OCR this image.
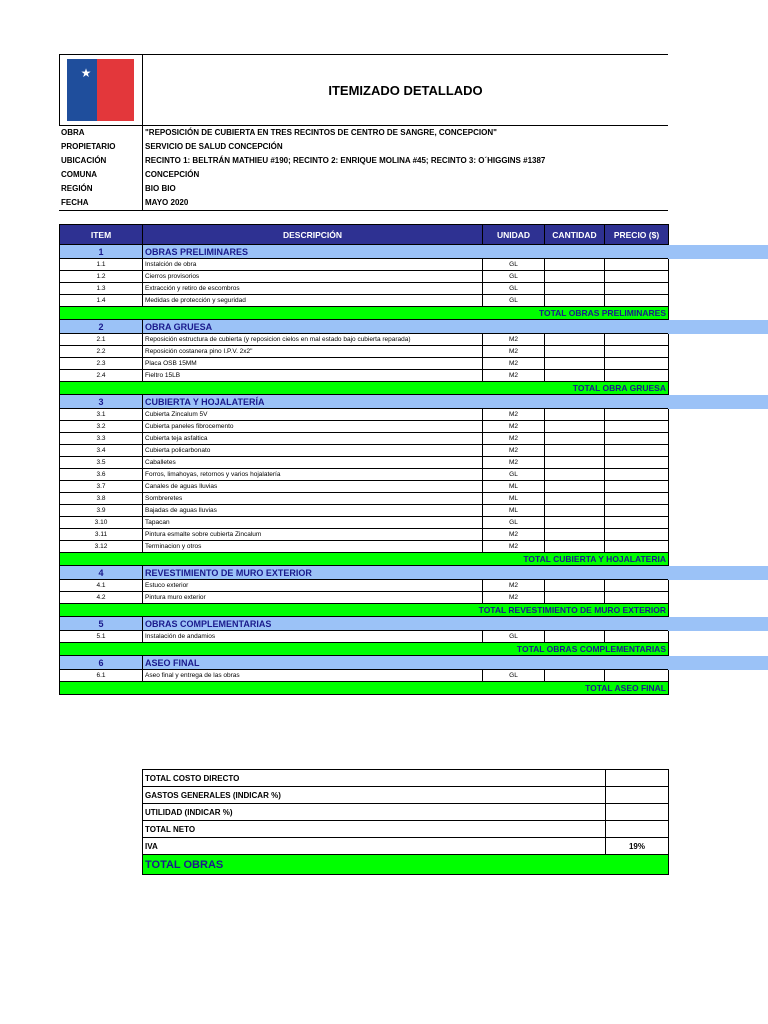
★	Gobierno
de Chile
ITEMIZADO DETALLADO
OBRA	"REPOSICIÓN DE CUBIERTA EN TRES RECINTOS DE CENTRO DE SANGRE, CONCEPCION"
PROPIETARIO	SERVICIO DE SALUD CONCEPCIÓN
UBICACIÓN	RECINTO 1: BELTRÁN MATHIEU #190; RECINTO 2: ENRIQUE MOLINA #45; RECINTO 3: O´HIGGINS #1387
COMUNA	CONCEPCIÓN
REGIÓN	BIO BIO
FECHA	MAYO 2020
ITEM	DESCRIPCIÓN	UNIDAD	CANTIDAD	PRECIO ($)
1	OBRAS PRELIMINARES			
1.1	Instalción de obra	GL		
1.2	Cierros provisorios	GL		
1.3	Extracción y retiro de escombros	GL		
1.4	Medidas de protección y seguridad	GL		
TOTAL OBRAS PRELIMINARES				
2	OBRA GRUESA			
2.1	Reposición estructura de cubierta (y reposicion cielos en mal estado bajo cubierta reparada)	M2		
2.2	Reposición costanera pino I.P.V. 2x2"	M2		
2.3	Placa OSB 15MM	M2		
2.4	Fieltro 15LB	M2		
TOTAL OBRA GRUESA				
3	CUBIERTA Y HOJALATERÍA			
3.1	Cubierta Zincalum 5V	M2		
3.2	Cubierta paneles fibrocemento	M2		
3.3	Cubierta teja asfaltica	M2		
3.4	Cubierta policarbonato	M2		
3.5	Caballetes	M2		
3.6	Forros, limahoyas, retornos y varios hojalatería	GL		
3.7	Canales de aguas lluvias	ML		
3.8	Sombreretes	ML		
3.9	Bajadas de aguas lluvias	ML		
3.10	Tapacan	GL		
3.11	Pintura esmalte sobre cubierta Zincalum	M2		
3.12	Terminacion y otros	M2		
TOTAL CUBIERTA Y HOJALATERIA				
4	REVESTIMIENTO DE MURO EXTERIOR			
4.1	Estuco exterior	M2		
4.2	Pintura muro exterior	M2		
TOTAL REVESTIMIENTO DE MURO EXTERIOR				
5	OBRAS COMPLEMENTARIAS			
5.1	Instalación de andamios	GL		
TOTAL OBRAS COMPLEMENTARIAS				
6	ASEO FINAL			
6.1	Aseo final y entrega de las obras	GL		
TOTAL ASEO FINAL				
TOTAL COSTO DIRECTO	
GASTOS GENERALES (INDICAR %)	
UTILIDAD (INDICAR %)	
TOTAL NETO	
IVA	19%
TOTAL OBRAS	
